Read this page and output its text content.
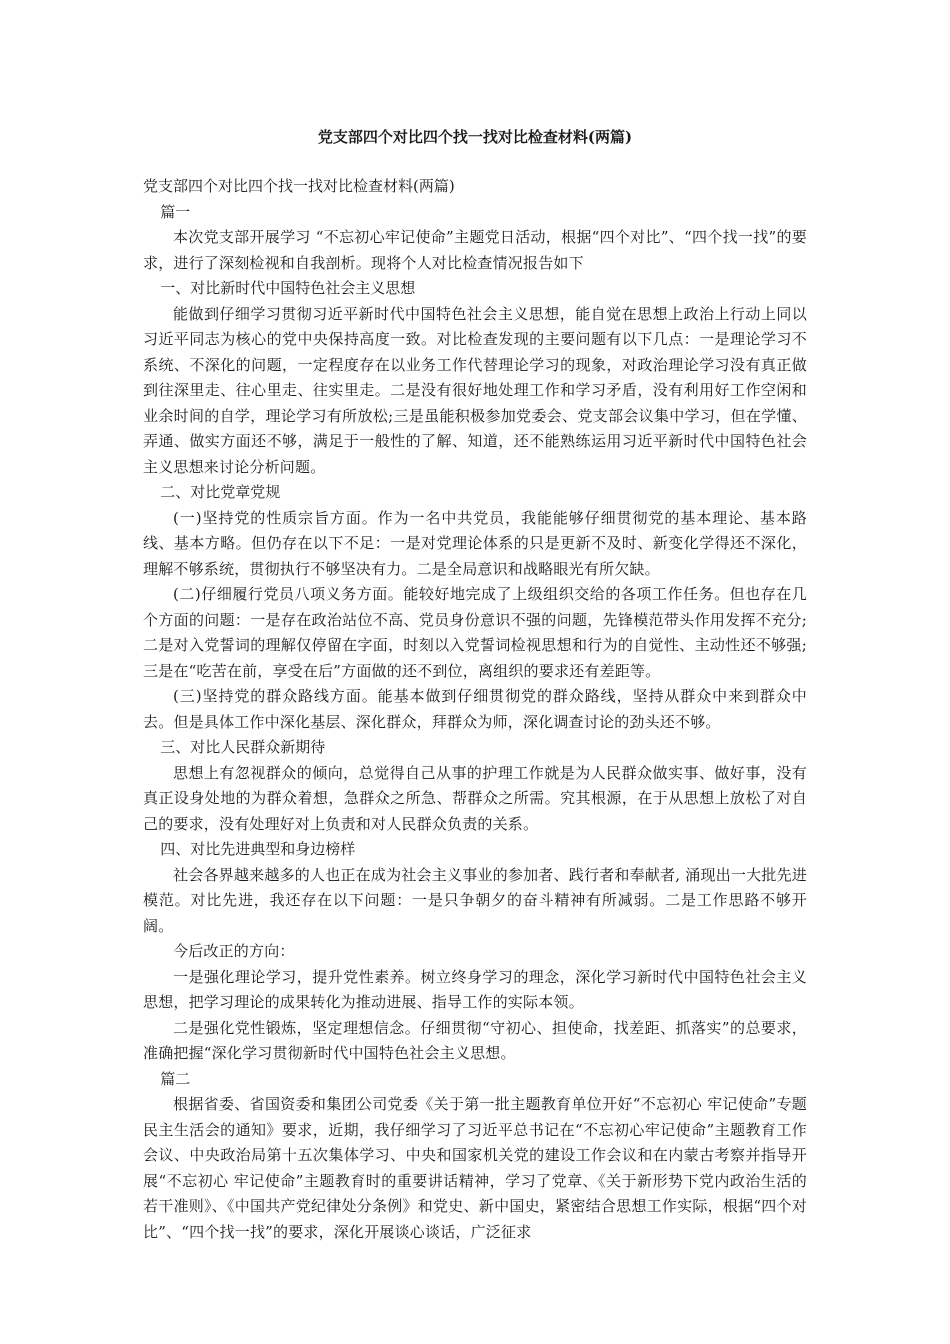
党支部四个对比四个找一找对比检查材料(两篇)

党支部四个对比四个找一找对比检查材料(两篇)

篇一

本次党支部开展学习 “不忘初心牢记使命”主题党日活动，根据“四个对比”、“四个找一找”的要求，进行了深刻检视和自我剖析。现将个人对比检查情况报告如下

一、对比新时代中国特色社会主义思想

能做到仔细学习贯彻习近平新时代中国特色社会主义思想，能自觉在思想上政治上行动上同以习近平同志为核心的党中央保持高度一致。对比检查发现的主要问题有以下几点：一是理论学习不系统、不深化的问题，一定程度存在以业务工作代替理论学习的现象，对政治理论学习没有真正做到往深里走、往心里走、往实里走。二是没有很好地处理工作和学习矛盾，没有利用好工作空闲和业余时间的自学，理论学习有所放松;三是虽能积极参加党委会、党支部会议集中学习，但在学懂、弄通、做实方面还不够，满足于一般性的了解、知道，还不能熟练运用习近平新时代中国特色社会主义思想来讨论分析问题。

二、对比党章党规

(一)坚持党的性质宗旨方面。作为一名中共党员，我能能够仔细贯彻党的基本理论、基本路线、基本方略。但仍存在以下不足：一是对党理论体系的只是更新不及时、新变化学得还不深化，理解不够系统，贯彻执行不够坚决有力。二是全局意识和战略眼光有所欠缺。

(二)仔细履行党员八项义务方面。能较好地完成了上级组织交给的各项工作任务。但也存在几个方面的问题：一是存在政治站位不高、党员身份意识不强的问题，先锋模范带头作用发挥不充分;二是对入党誓词的理解仅停留在字面，时刻以入党誓词检视思想和行为的自觉性、主动性还不够强;三是在“吃苦在前，享受在后”方面做的还不到位，离组织的要求还有差距等。

(三)坚持党的群众路线方面。能基本做到仔细贯彻党的群众路线，坚持从群众中来到群众中去。但是具体工作中深化基层、深化群众，拜群众为师，深化调查讨论的劲头还不够。

三、对比人民群众新期待

思想上有忽视群众的倾向，总觉得自己从事的护理工作就是为人民群众做实事、做好事，没有真正设身处地的为群众着想，急群众之所急、帮群众之所需。究其根源，在于从思想上放松了对自己的要求，没有处理好对上负责和对人民群众负责的关系。

四、对比先进典型和身边榜样

社会各界越来越多的人也正在成为社会主义事业的参加者、践行者和奉献者, 涌现出一大批先进模范。对比先进，我还存在以下问题：一是只争朝夕的奋斗精神有所减弱。二是工作思路不够开阔。

今后改正的方向：

一是强化理论学习，提升党性素养。树立终身学习的理念，深化学习新时代中国特色社会主义思想，把学习理论的成果转化为推动进展、指导工作的实际本领。

二是强化党性锻炼，坚定理想信念。仔细贯彻“守初心、担使命，找差距、抓落实”的总要求，准确把握“深化学习贯彻新时代中国特色社会主义思想。

篇二

根据省委、省国资委和集团公司党委《关于第一批主题教育单位开好“不忘初心 牢记使命”专题民主生活会的通知》要求，近期，我仔细学习了习近平总书记在“不忘初心牢记使命”主题教育工作会议、中央政治局第十五次集体学习、中央和国家机关党的建设工作会议和在内蒙古考察并指导开展“不忘初心 牢记使命”主题教育时的重要讲话精神，学习了党章、《关于新形势下党内政治生活的若干准则》、《中国共产党纪律处分条例》和党史、新中国史，紧密结合思想工作实际，根据“四个对比”、“四个找一找”的要求，深化开展谈心谈话，广泛征求
